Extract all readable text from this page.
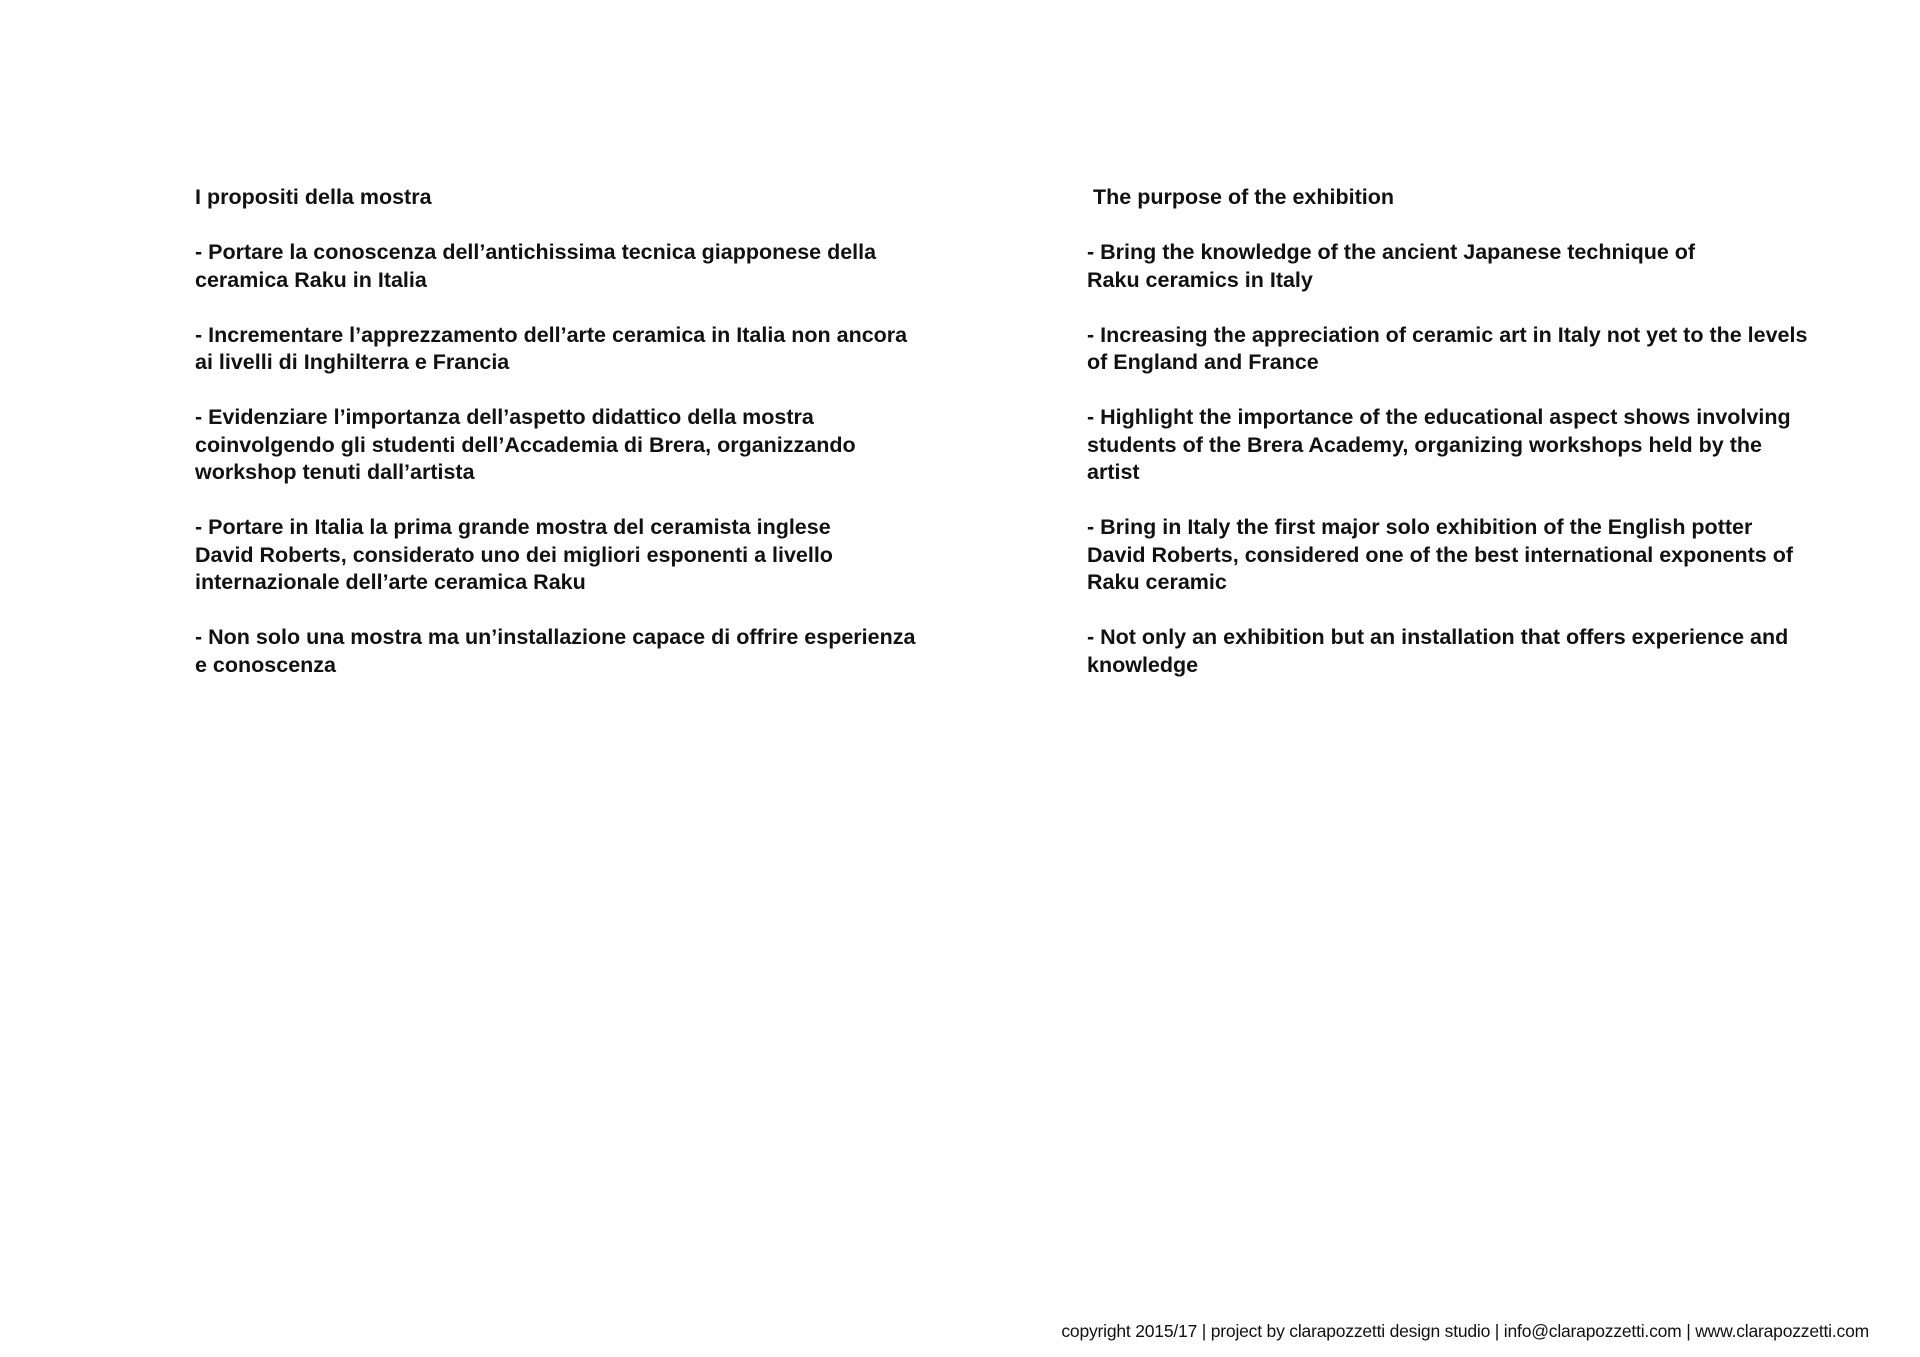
I propositi della mostra
- Portare la conoscenza dell’antichissima tecnica giapponese della
ceramica Raku in Italia
- Incrementare l’apprezzamento dell’arte ceramica in Italia non ancora
ai livelli di Inghilterra e Francia
- Evidenziare l’importanza dell’aspetto didattico della mostra
coinvolgendo gli studenti dell’Accademia di Brera, organizzando
workshop tenuti dall’artista
- Portare in Italia la prima grande mostra del ceramista inglese
David Roberts, considerato uno dei migliori esponenti a livello
internazionale dell’arte ceramica Raku
- Non solo una mostra ma un’installazione capace di offrire esperienza
e conoscenza
The purpose of the exhibition
- Bring the knowledge of the ancient Japanese technique of
Raku ceramics in Italy
- Increasing the appreciation of ceramic art in Italy not yet to the levels
of England and France
- Highlight the importance of the educational aspect shows involving
students of the Brera Academy, organizing workshops held by the
artist
- Bring in Italy the first major solo exhibition of the English potter
David Roberts, considered one of the best international exponents of
Raku ceramic
- Not only an exhibition but an installation that offers experience and
knowledge
copyright 2015/17 | project by clarapozzetti design studio | info@clarapozzetti.com | www.clarapozzetti.com
